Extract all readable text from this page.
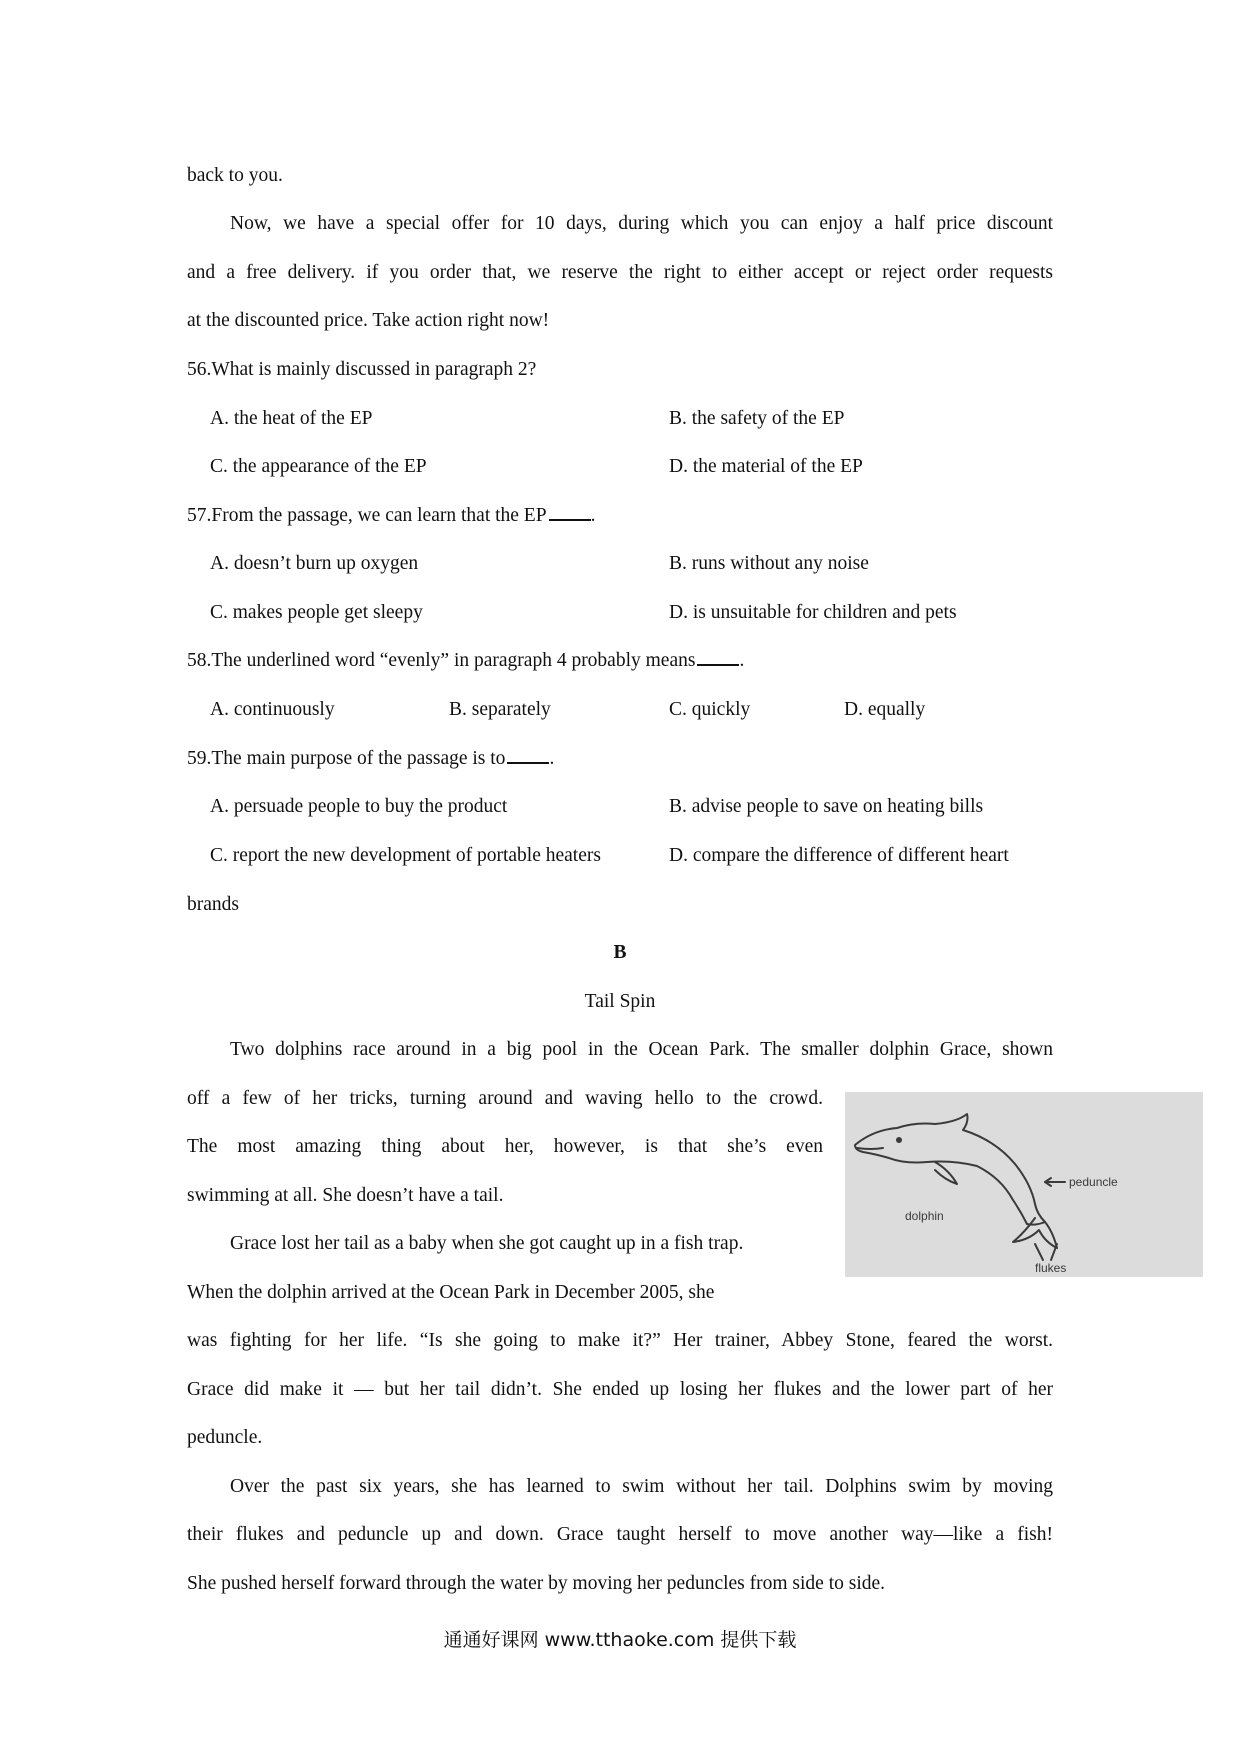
back to you.
Now, we have a special offer for 10 days, during which you can enjoy a half price discount
and a free delivery. if you order that, we reserve the right to either accept or reject order requests
at the discounted price. Take action right now!
56.What is mainly discussed in paragraph 2?
A. the heat of the EP	B. the safety of the EP
C. the appearance of the EP	D. the material of the EP
57.From the passage, we can learn that the EP .
A. doesn’t burn up oxygen	B. runs without any noise
C. makes people get sleepy	D. is unsuitable for children and pets
58.The underlined word “evenly” in paragraph 4 probably means .
A. continuously	B. separately	C. quickly	D. equally
59.The main purpose of the passage is to .
A. persuade people to buy the product	B. advise people to save on heating bills
C. report the new development of portable heaters	D. compare the difference of different heart
brands
B
Tail Spin
Two dolphins race around in a big pool in the Ocean Park. The smaller dolphin Grace, shown
off a few of her tricks, turning around and waving hello to the crowd.
The most amazing thing about her, however, is that she’s even
swimming at all. She doesn’t have a tail.
Grace lost her tail as a baby when she got caught up in a fish trap.
When the dolphin arrived at the Ocean Park in December 2005, she
was fighting for her life. “Is she going to make it?” Her trainer, Abbey Stone, feared the worst.
Grace did make it — but her tail didn’t. She ended up losing her flukes and the lower part of her
peduncle.
Over the past six years, she has learned to swim without her tail. Dolphins swim by moving
their flukes and peduncle up and down. Grace taught herself to move another way—like a fish!
She pushed herself forward through the water by moving her peduncles from side to side.
peduncle
dolphin
flukes
通通好课网 www.tthaoke.com 提供下载
